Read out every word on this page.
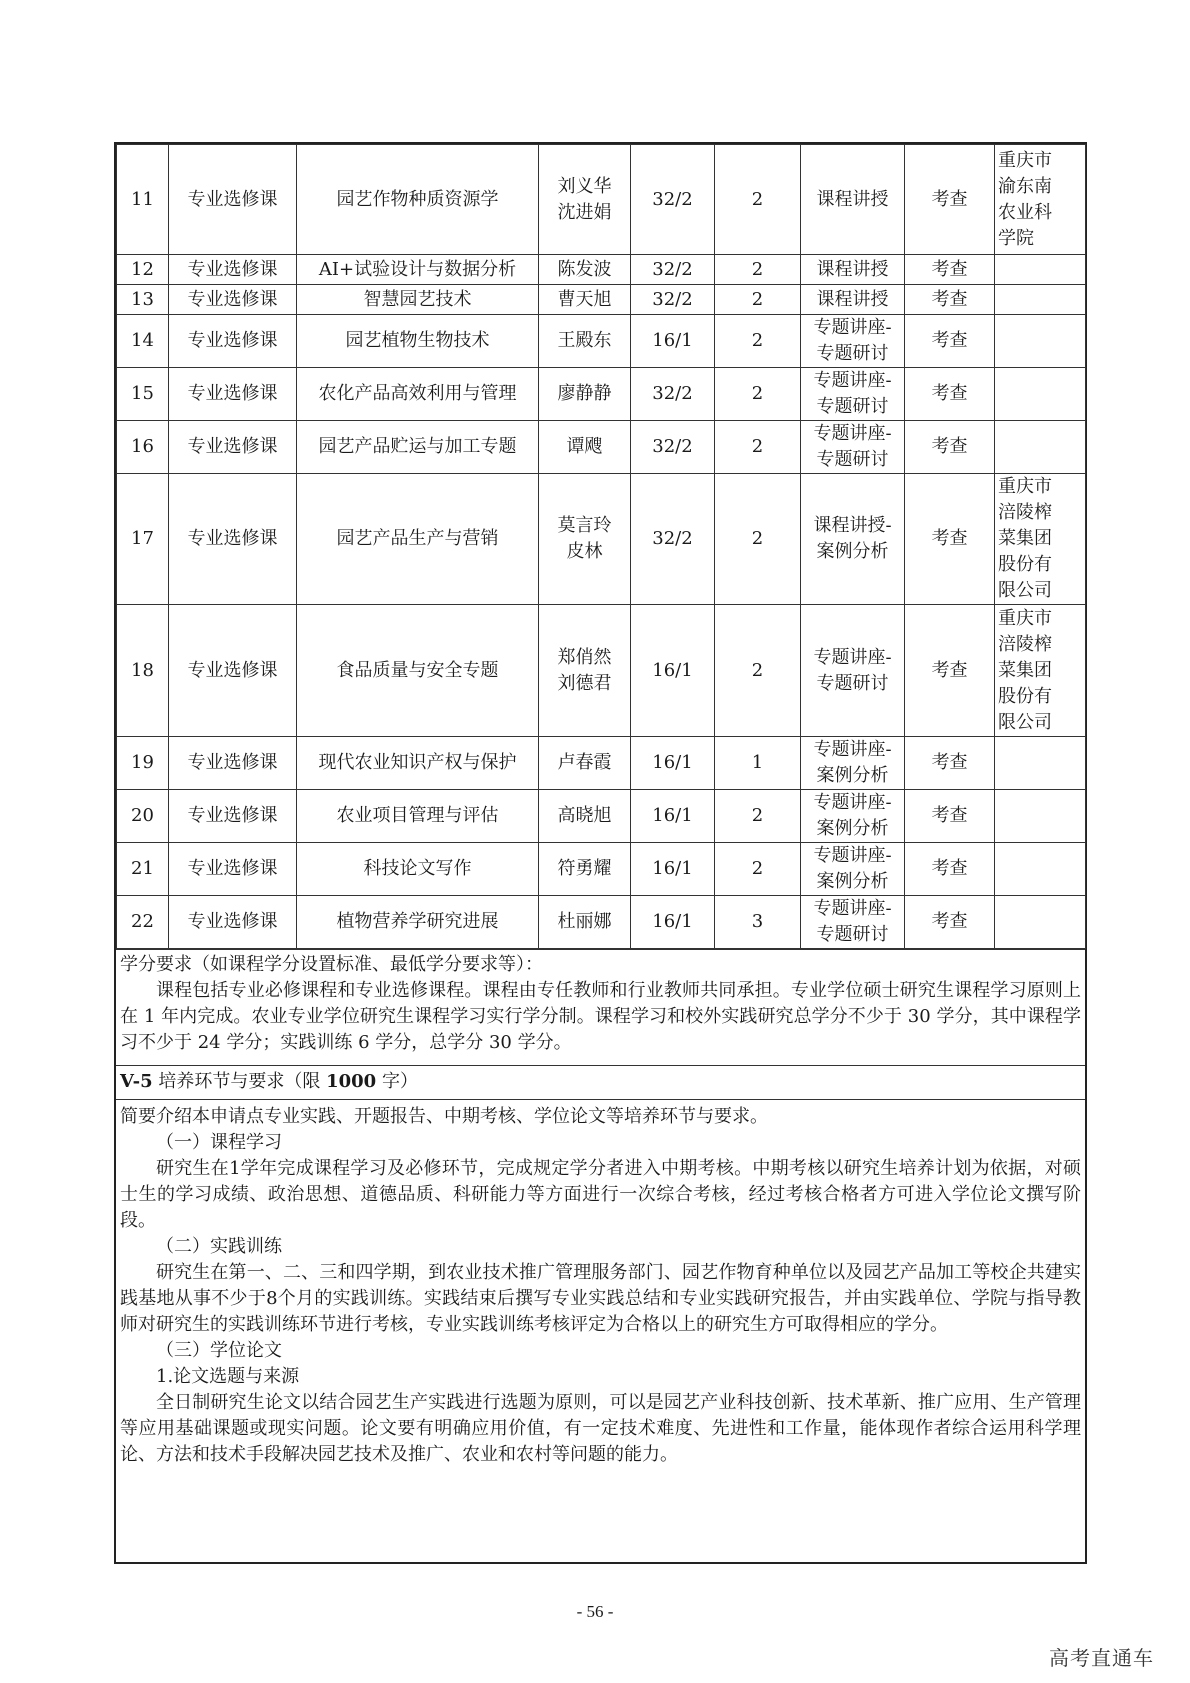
11	专业选修课	园艺作物种质资源学	刘义华
沈进娟	32/2	2	课程讲授	考查	重庆市
渝东南
农业科
学院

12	专业选修课	AI+试验设计与数据分析	陈发波	32/2	2	课程讲授	考查	
13	专业选修课	智慧园艺技术	曹天旭	32/2	2	课程讲授	考查	
14	专业选修课	园艺植物生物技术	王殿东	16/1	2	专题讲座-
专题研讨	考查	
15	专业选修课	农化产品高效利用与管理	廖静静	32/2	2	专题讲座-
专题研讨	考查	
16	专业选修课	园艺产品贮运与加工专题	谭飕	32/2	2	专题讲座-
专题研讨	考查	
17	专业选修课	园艺产品生产与营销	莫言玲
皮林	32/2	2	课程讲授-
案例分析	考查	重庆市
涪陵榨
菜集团
股份有
限公司

18	专业选修课	食品质量与安全专题	郑俏然
刘德君	16/1	2	专题讲座-
专题研讨	考查	重庆市
涪陵榨
菜集团
股份有
限公司

19	专业选修课	现代农业知识产权与保护	卢春霞	16/1	1	专题讲座-
案例分析	考查	
20	专业选修课	农业项目管理与评估	高晓旭	16/1	2	专题讲座-
案例分析	考查	
21	专业选修课	科技论文写作	符勇耀	16/1	2	专题讲座-
案例分析	考查	
22	专业选修课	植物营养学研究进展	杜丽娜	16/1	3	专题讲座-
专题研讨	考查	

学分要求（如课程学分设置标准、最低学分要求等）：

课程包括专业必修课程和专业选修课程。课程由专任教师和行业教师共同承担。专业学位硕士研究生课程学习原则上在 1 年内完成。农业专业学位研究生课程学习实行学分制。课程学习和校外实践研究总学分不少于 30 学分，其中课程学习不少于 24 学分；实践训练 6 学分，总学分 30 学分。

V-5 培养环节与要求（限 1000 字）

简要介绍本申请点专业实践、开题报告、中期考核、学位论文等培养环节与要求。

（一）课程学习

研究生在1学年完成课程学习及必修环节，完成规定学分者进入中期考核。中期考核以研究生培养计划为依据，对硕士生的学习成绩、政治思想、道德品质、科研能力等方面进行一次综合考核，经过考核合格者方可进入学位论文撰写阶段。

（二）实践训练

研究生在第一、二、三和四学期，到农业技术推广管理服务部门、园艺作物育种单位以及园艺产品加工等校企共建实践基地从事不少于8个月的实践训练。实践结束后撰写专业实践总结和专业实践研究报告，并由实践单位、学院与指导教师对研究生的实践训练环节进行考核，专业实践训练考核评定为合格以上的研究生方可取得相应的学分。

（三）学位论文

1.论文选题与来源

全日制研究生论文以结合园艺生产实践进行选题为原则，可以是园艺产业科技创新、技术革新、推广应用、生产管理等应用基础课题或现实问题。论文要有明确应用价值，有一定技术难度、先进性和工作量，能体现作者综合运用科学理论、方法和技术手段解决园艺技术及推广、农业和农村等问题的能力。

- 56 -
高考直通车
